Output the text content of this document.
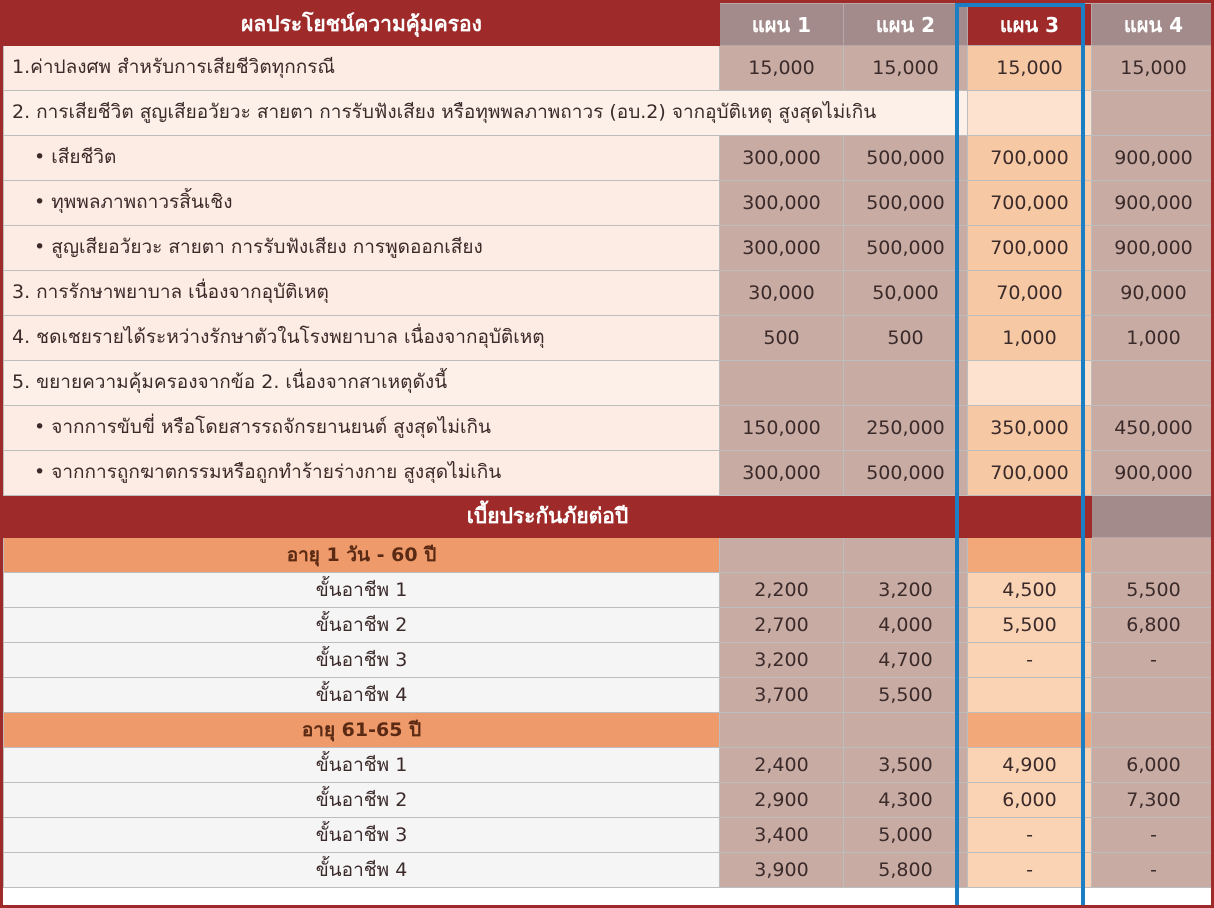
ผลประโยชน์ความคุ้มครอง	แผน 1	แผน 2	แผน 3	แผน 4
1.ค่าปลงศพ สำหรับการเสียชีวิตทุกกรณี	15,000	15,000	15,000	15,000
2. การเสียชีวิต สูญเสียอวัยวะ สายตา การรับฟังเสียง หรือทุพพลภาพถาวร (อบ.2) จากอุบัติเหตุ สูงสุดไม่เกิน				
• เสียชีวิต	300,000	500,000	700,000	900,000
• ทุพพลภาพถาวรสิ้นเชิง	300,000	500,000	700,000	900,000
• สูญเสียอวัยวะ สายตา การรับฟังเสียง การพูดออกเสียง	300,000	500,000	700,000	900,000
3. การรักษาพยาบาล เนื่องจากอุบัติเหตุ	30,000	50,000	70,000	90,000
4. ชดเชยรายได้ระหว่างรักษาตัวในโรงพยาบาล เนื่องจากอุบัติเหตุ	500	500	1,000	1,000
5. ขยายความคุ้มครองจากข้อ 2. เนื่องจากสาเหตุดังนี้				
• จากการขับขี่ หรือโดยสารรถจักรยานยนต์ สูงสุดไม่เกิน	150,000	250,000	350,000	450,000
• จากการถูกฆาตกรรมหรือถูกทำร้ายร่างกาย สูงสุดไม่เกิน	300,000	500,000	700,000	900,000
เบี้ยประกันภัยต่อปี				
อายุ 1 วัน - 60 ปี				
ขั้นอาชีพ 1	2,200	3,200	4,500	5,500
ขั้นอาชีพ 2	2,700	4,000	5,500	6,800
ขั้นอาชีพ 3	3,200	4,700	-	-
ขั้นอาชีพ 4	3,700	5,500		
อายุ 61-65 ปี				
ขั้นอาชีพ 1	2,400	3,500	4,900	6,000
ขั้นอาชีพ 2	2,900	4,300	6,000	7,300
ขั้นอาชีพ 3	3,400	5,000	-	-
ขั้นอาชีพ 4	3,900	5,800	-	-
